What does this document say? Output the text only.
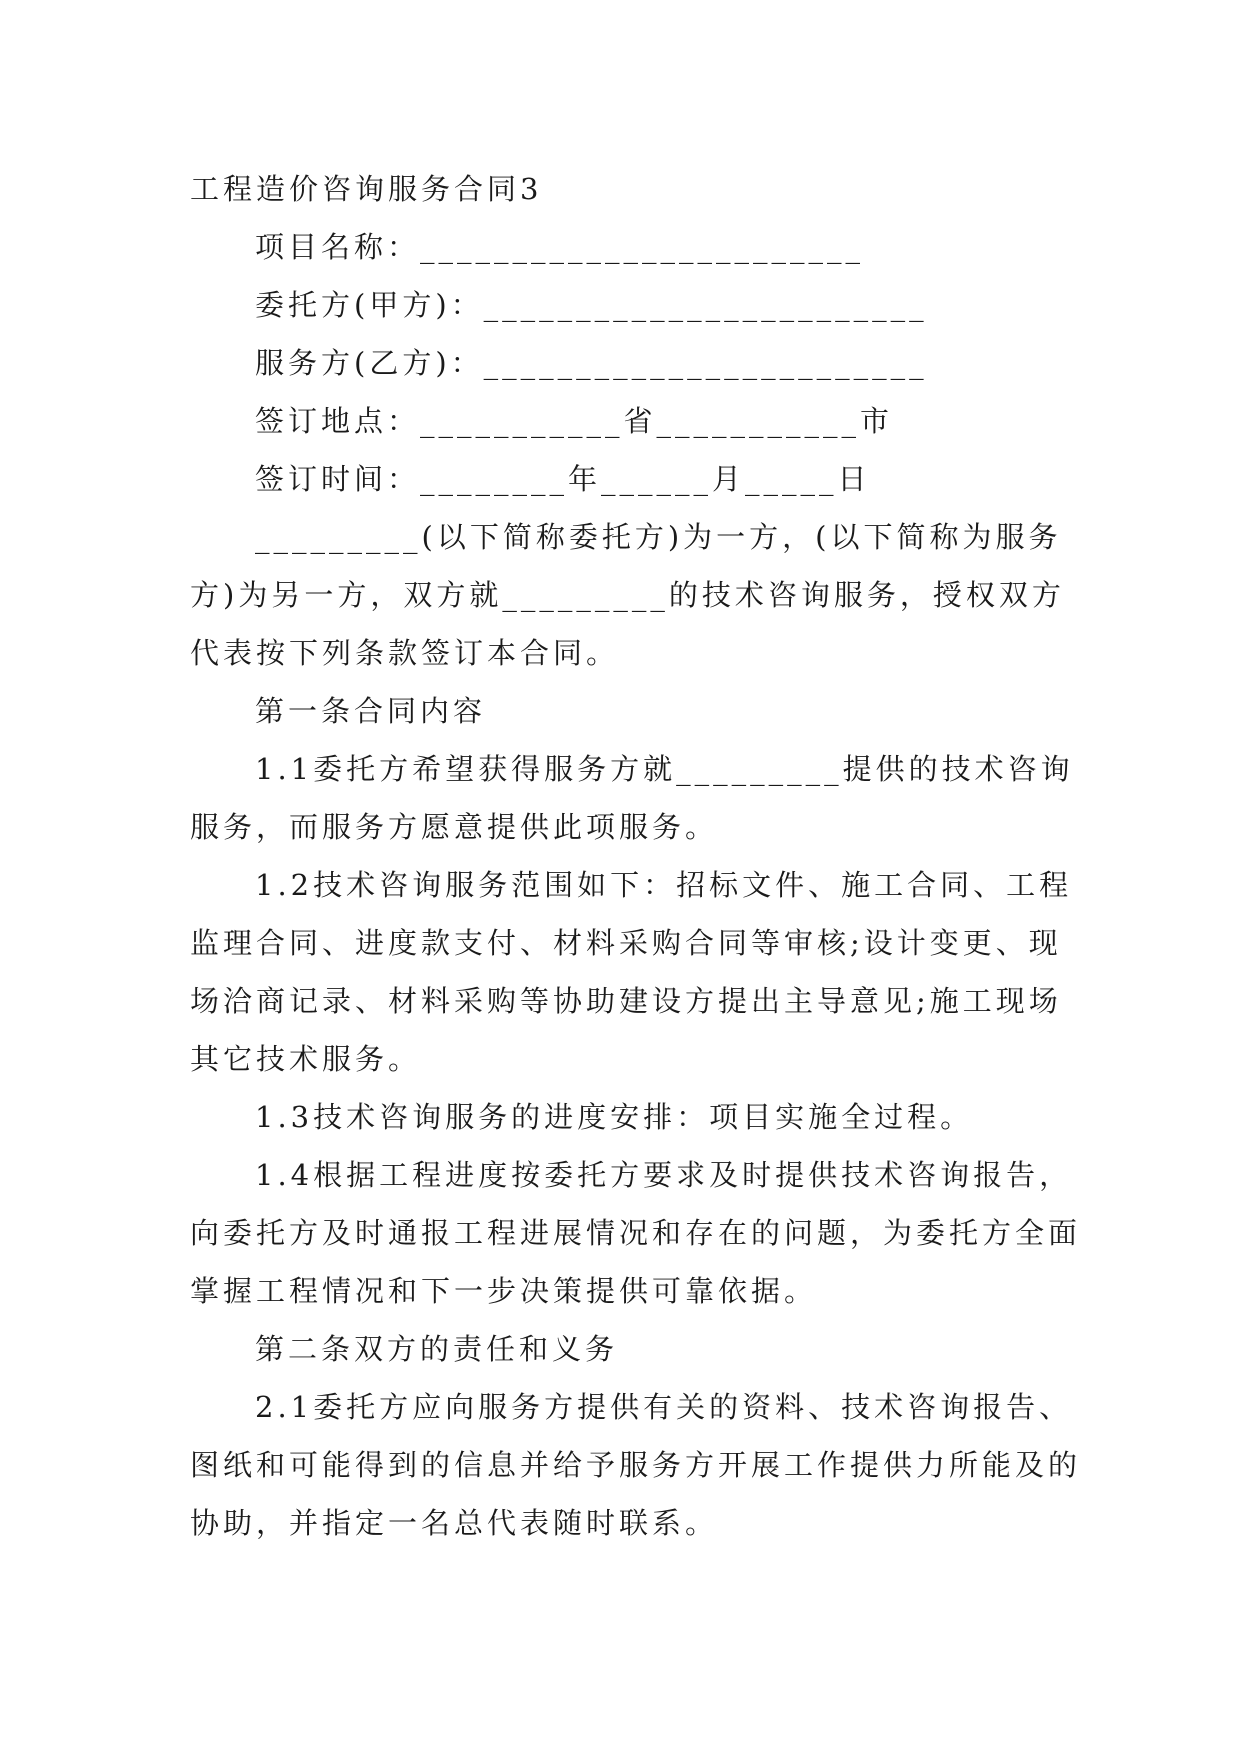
工程造价咨询服务合同3

项目名称：________________________

委托方(甲方)：________________________

服务方(乙方)：________________________

签订地点：___________省___________市

签订时间：________年______月_____日

_________(以下简称委托方)为一方，(以下简称为服务方)为另一方，双方就_________的技术咨询服务，授权双方代表按下列条款签订本合同。

第一条合同内容

1.1委托方希望获得服务方就_________提供的技术咨询服务，而服务方愿意提供此项服务。

1.2技术咨询服务范围如下：招标文件、施工合同、工程监理合同、进度款支付、材料采购合同等审核;设计变更、现场洽商记录、材料采购等协助建设方提出主导意见;施工现场其它技术服务。

1.3技术咨询服务的进度安排：项目实施全过程。

1.4根据工程进度按委托方要求及时提供技术咨询报告，向委托方及时通报工程进展情况和存在的问题，为委托方全面掌握工程情况和下一步决策提供可靠依据。

第二条双方的责任和义务

2.1委托方应向服务方提供有关的资料、技术咨询报告、图纸和可能得到的信息并给予服务方开展工作提供力所能及的协助，并指定一名总代表随时联系。
